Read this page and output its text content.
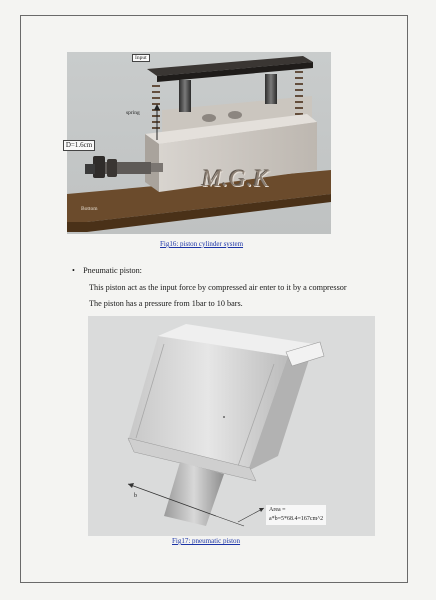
Input
spring
Bottom
D=1.6cm
M.G.K
Fig16: piston cylinder system
•    Pneumatic piston:
This piston act as the input force by compressed air enter to it by a compressor
The piston has a pressure from 1bar to 10 bars.
b
Area =
a*b=5*68.4=167cm^2
Fig17: pneumatic piston
